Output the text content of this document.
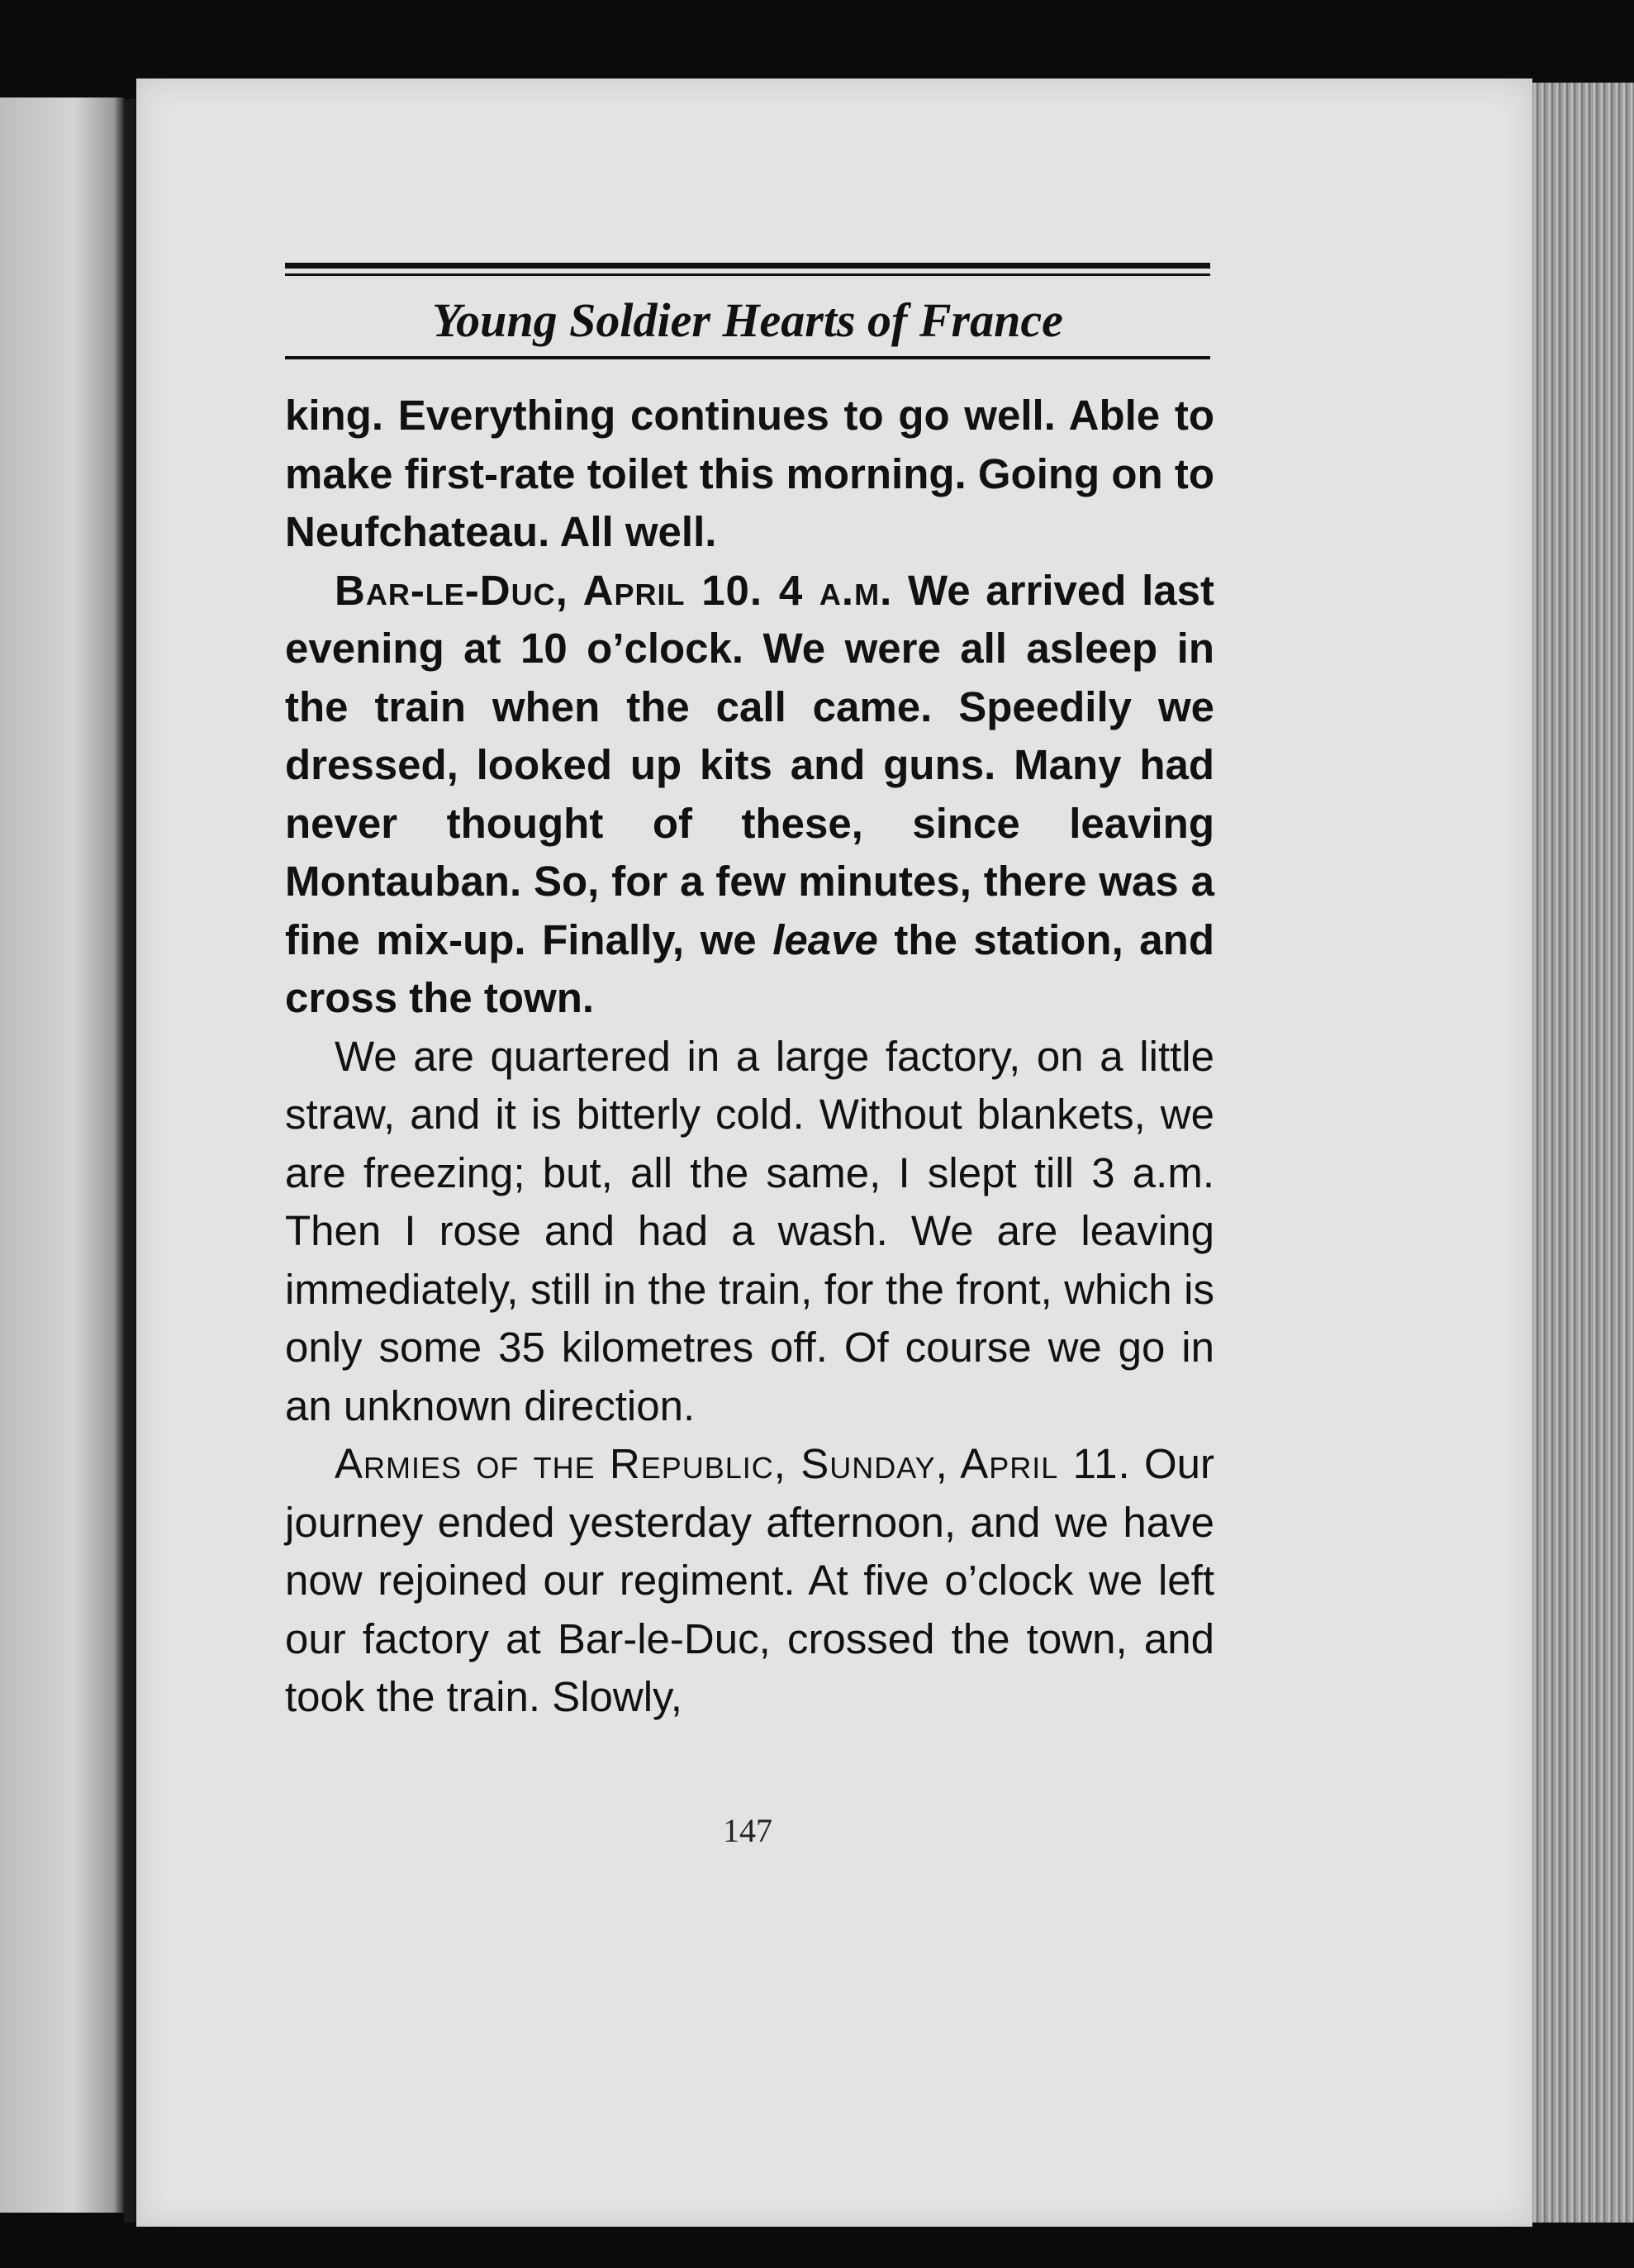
Young Soldier Hearts of France

king. Everything continues to go well. Able to make first-rate toilet this morning. Going on to Neufchateau. All well.

Bar-le-Duc, April 10. 4 a.m. We arrived last evening at 10 o’clock. We were all asleep in the train when the call came. Speedily we dressed, looked up kits and guns. Many had never thought of these, since leaving Montauban. So, for a few minutes, there was a fine mix-up. Finally, we leave the station, and cross the town.

We are quartered in a large factory, on a little straw, and it is bitterly cold. Without blankets, we are freezing; but, all the same, I slept till 3 a.m. Then I rose and had a wash. We are leaving immediately, still in the train, for the front, which is only some 35 kilometres off. Of course we go in an unknown direction.

Armies of the Republic, Sunday, April 11. Our journey ended yesterday afternoon, and we have now rejoined our regiment. At five o’clock we left our factory at Bar-le-Duc, crossed the town, and took the train. Slowly,

147
